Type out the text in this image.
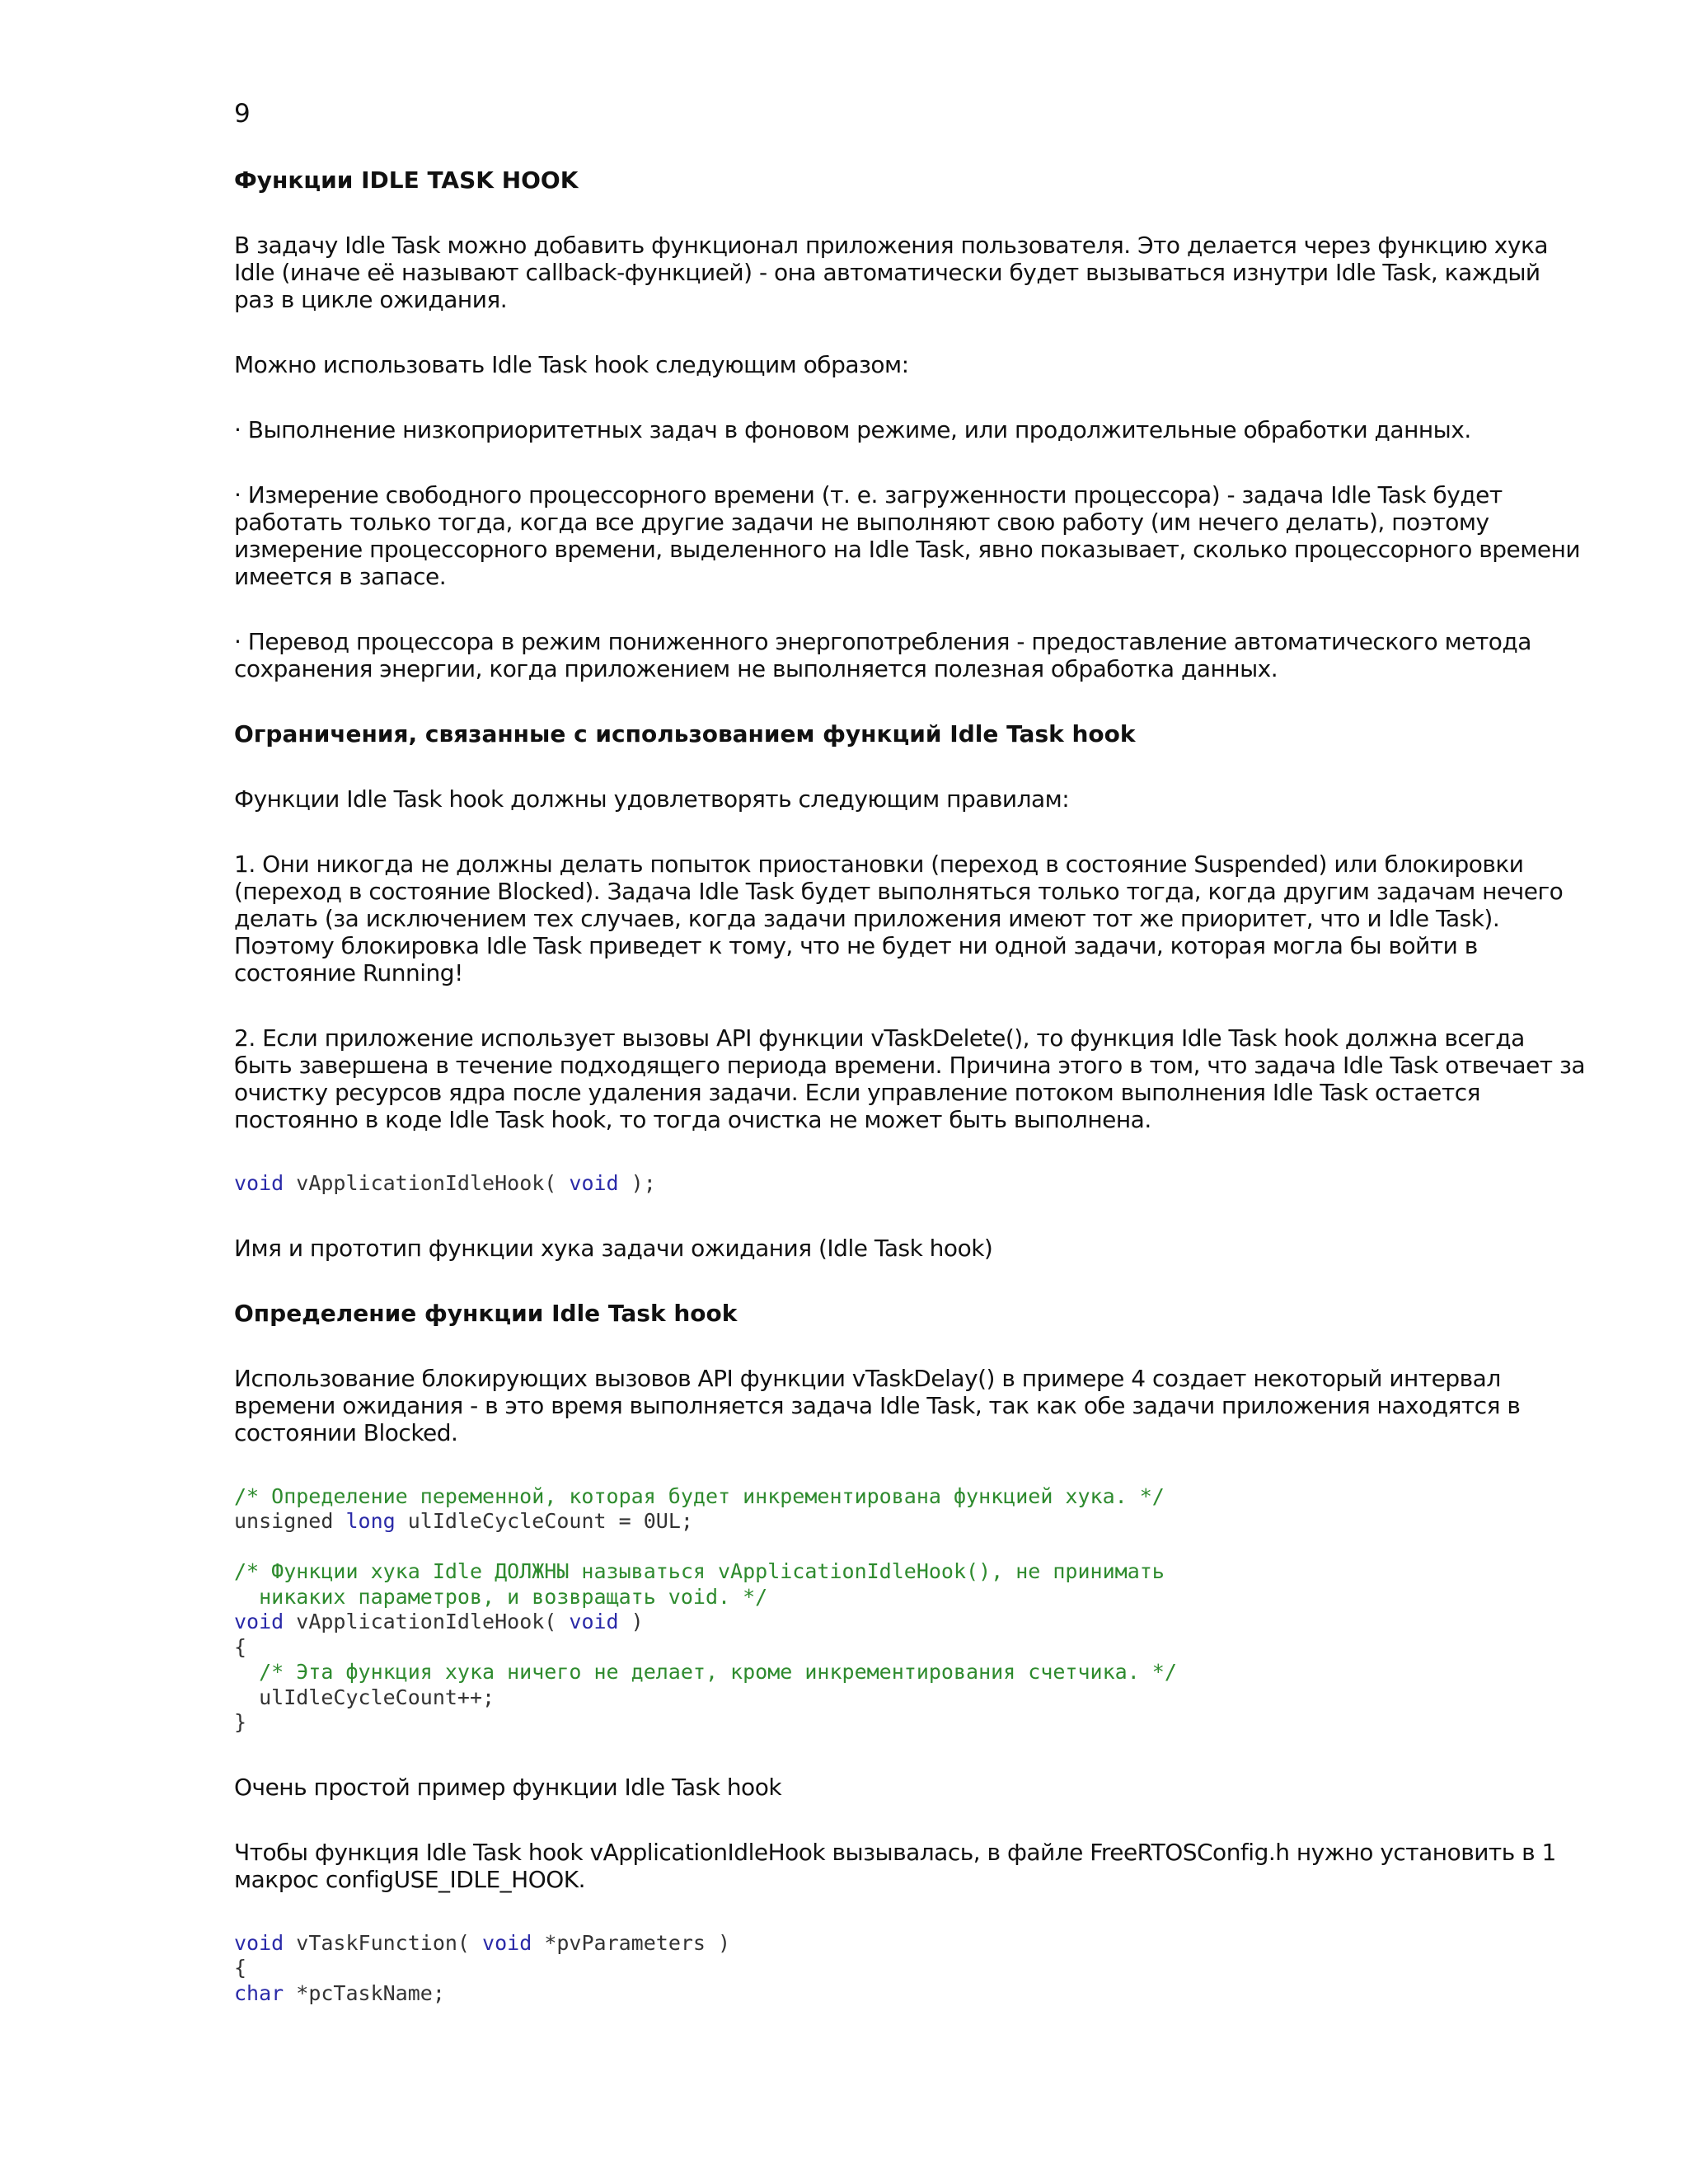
9
Функции IDLE TASK HOOK
В задачу Idle Task можно добавить функционал приложения пользователя. Это делается через функцию хука Idle (иначе её называют callback-функцией) - она автоматически будет вызываться изнутри Idle Task, каждый раз в цикле ожидания.
Можно использовать Idle Task hook следующим образом:
· Выполнение низкоприоритетных задач в фоновом режиме, или продолжительные обработки данных.
· Измерение свободного процессорного времени (т. е. загруженности процессора) - задача Idle Task будет работать только тогда, когда все другие задачи не выполняют свою работу (им нечего делать), поэтому измерение процессорного времени, выделенного на Idle Task, явно показывает, сколько процессорного времени имеется в запасе.
· Перевод процессора в режим пониженного энергопотребления - предоставление автоматического метода сохранения энергии, когда приложением не выполняется полезная обработка данных.
Ограничения, связанные с использованием функций Idle Task hook
Функции Idle Task hook должны удовлетворять следующим правилам:
1. Они никогда не должны делать попыток приостановки (переход в состояние Suspended) или блокировки (переход в состояние Blocked). Задача Idle Task будет выполняться только тогда, когда другим задачам нечего делать (за исключением тех случаев, когда задачи приложения имеют тот же приоритет, что и Idle Task). Поэтому блокировка Idle Task приведет к тому, что не будет ни одной задачи, которая могла бы войти в состояние Running!
2. Если приложение использует вызовы API функции vTaskDelete(), то функция Idle Task hook должна всегда быть завершена в течение подходящего периода времени. Причина этого в том, что задача Idle Task отвечает за очистку ресурсов ядра после удаления задачи. Если управление потоком выполнения Idle Task остается постоянно в коде Idle Task hook, то тогда очистка не может быть выполнена.
void vApplicationIdleHook( void );
Имя и прототип функции хука задачи ожидания (Idle Task hook)
Определение функции Idle Task hook
Использование блокирующих вызовов API функции vTaskDelay() в примере 4 создает некоторый интервал времени ожидания - в это время выполняется задача Idle Task, так как обе задачи приложения находятся в состоянии Blocked.
/* Определение переменной, которая будет инкрементирована функцией хука. */
unsigned long ulIdleCycleCount = 0UL;
/* Функции хука Idle ДОЛЖНЫ называться vApplicationIdleHook(), не принимать
никаких параметров, и возвращать void. */
void vApplicationIdleHook( void )
{
/* Эта функция хука ничего не делает, кроме инкрементирования счетчика. */
ulIdleCycleCount++;
}
Очень простой пример функции Idle Task hook
Чтобы функция Idle Task hook vApplicationIdleHook вызывалась, в файле FreeRTOSConfig.h нужно установить в 1 макрос configUSE_IDLE_HOOK.
void vTaskFunction( void *pvParameters )
{
char *pcTaskName;
